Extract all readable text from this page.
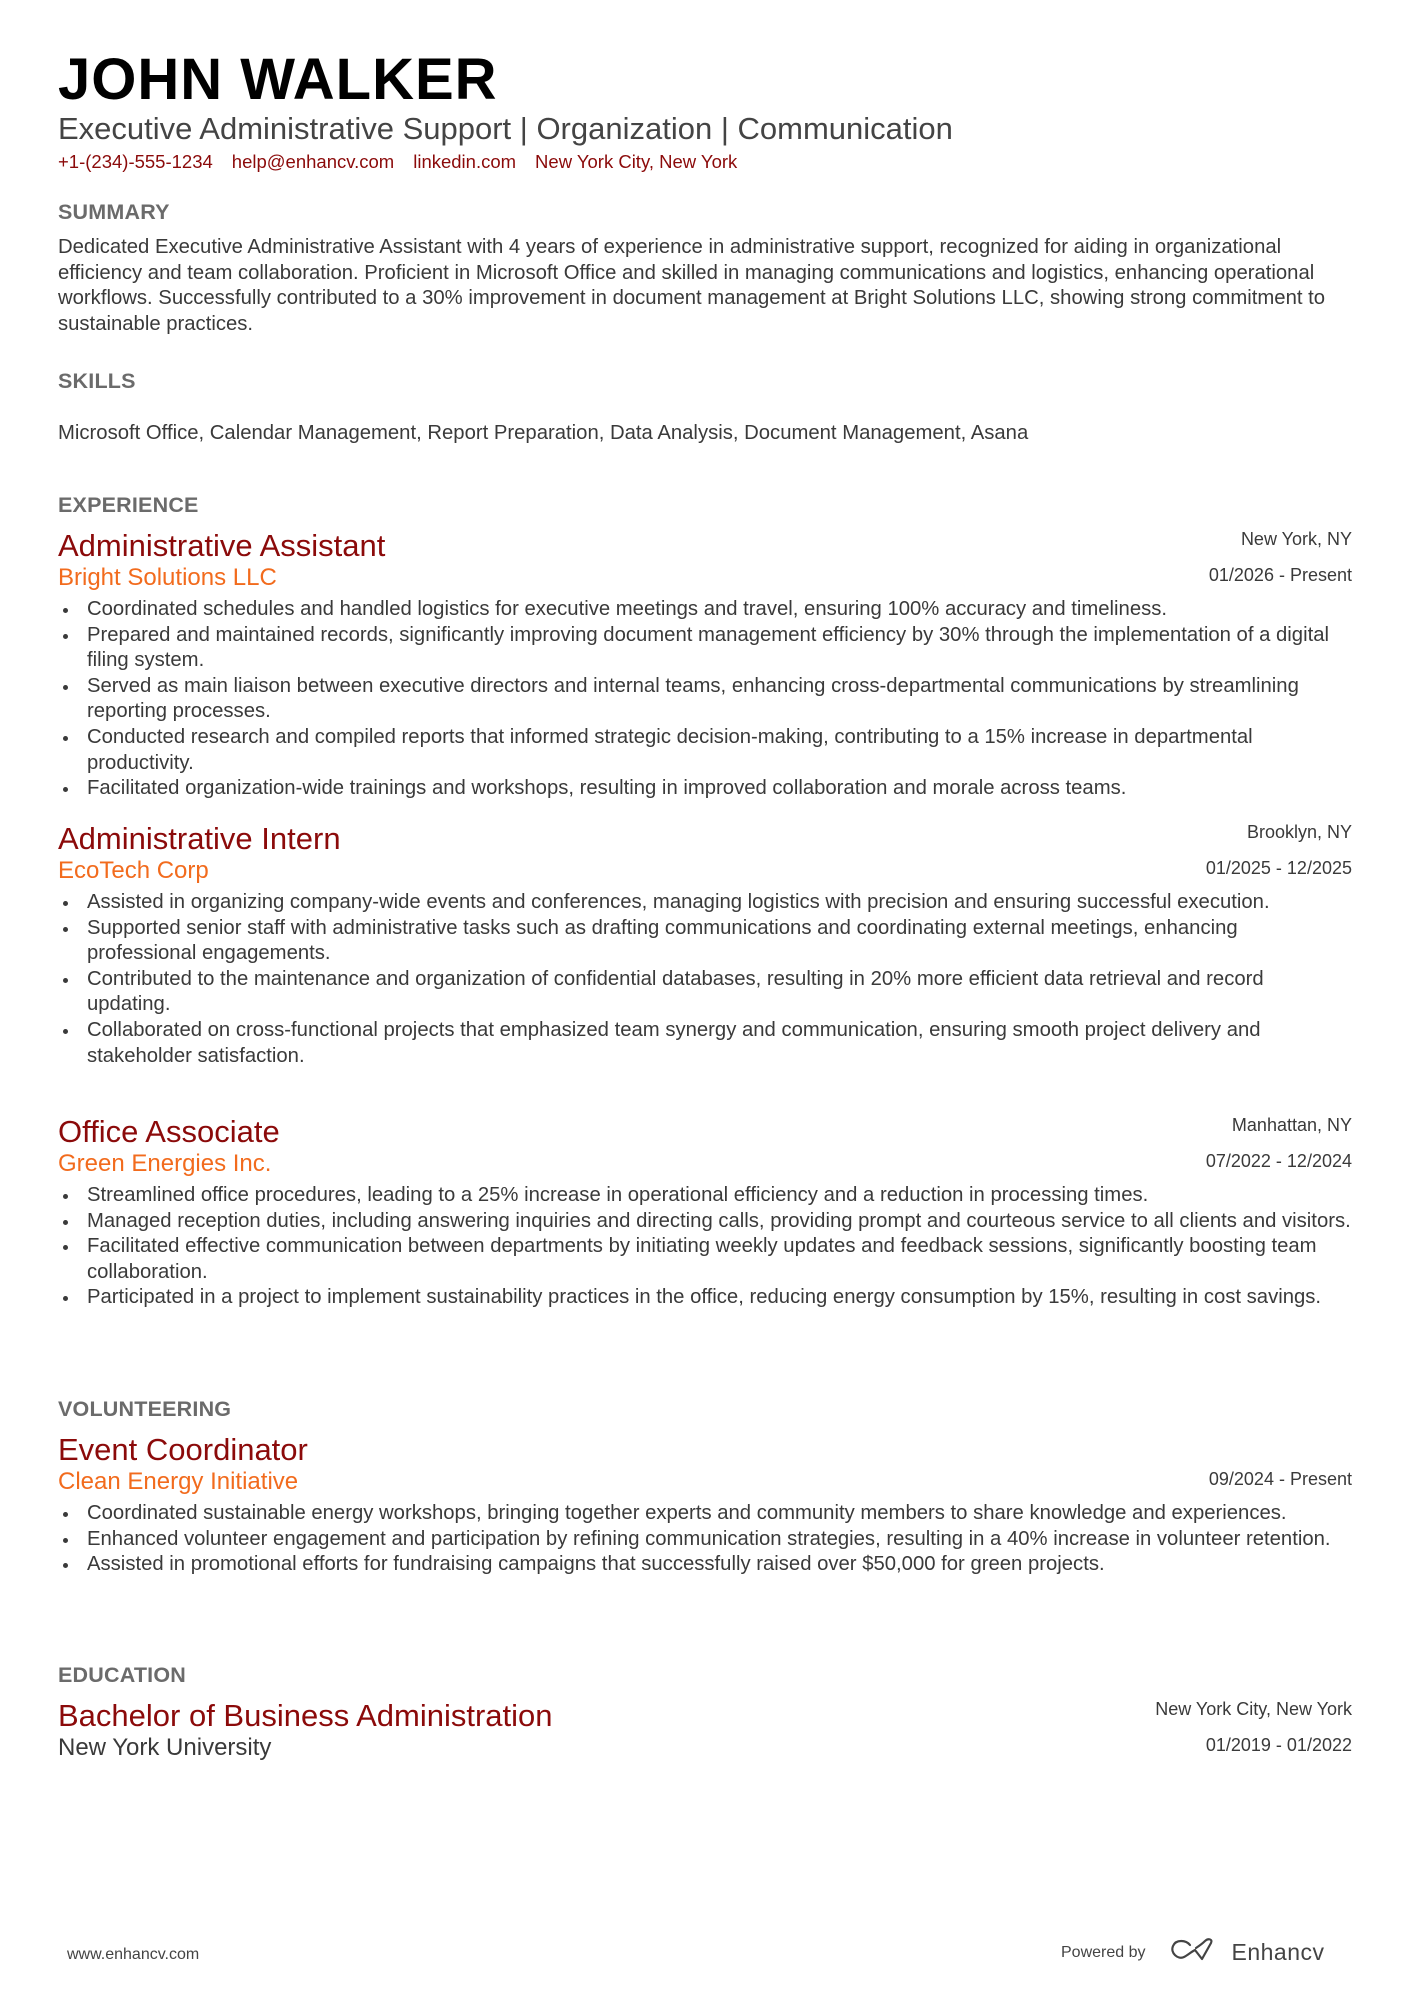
JOHN WALKER
Executive Administrative Support | Organization | Communication
+1-(234)-555-1234 help@enhancv.com linkedin.com New York City, New York
SUMMARY
Dedicated Executive Administrative Assistant with 4 years of experience in administrative support, recognized for aiding in organizational efficiency and team collaboration. Proficient in Microsoft Office and skilled in managing communications and logistics, enhancing operational workflows. Successfully contributed to a 30% improvement in document management at Bright Solutions LLC, showing strong commitment to sustainable practices.
SKILLS
Microsoft Office, Calendar Management, Report Preparation, Data Analysis, Document Management, Asana
EXPERIENCE
New York, NY
01/2026 - Present
Administrative Assistant
Bright Solutions LLC
Coordinated schedules and handled logistics for executive meetings and travel, ensuring 100% accuracy and timeliness.
Prepared and maintained records, significantly improving document management efficiency by 30% through the implementation of a digital filing system.
Served as main liaison between executive directors and internal teams, enhancing cross-departmental communications by streamlining reporting processes.
Conducted research and compiled reports that informed strategic decision-making, contributing to a 15% increase in departmental productivity.
Facilitated organization-wide trainings and workshops, resulting in improved collaboration and morale across teams.
Brooklyn, NY
01/2025 - 12/2025
Administrative Intern
EcoTech Corp
Assisted in organizing company-wide events and conferences, managing logistics with precision and ensuring successful execution.
Supported senior staff with administrative tasks such as drafting communications and coordinating external meetings, enhancing professional engagements.
Contributed to the maintenance and organization of confidential databases, resulting in 20% more efficient data retrieval and record updating.
Collaborated on cross-functional projects that emphasized team synergy and communication, ensuring smooth project delivery and stakeholder satisfaction.
Manhattan, NY
07/2022 - 12/2024
Office Associate
Green Energies Inc.
Streamlined office procedures, leading to a 25% increase in operational efficiency and a reduction in processing times.
Managed reception duties, including answering inquiries and directing calls, providing prompt and courteous service to all clients and visitors.
Facilitated effective communication between departments by initiating weekly updates and feedback sessions, significantly boosting team collaboration.
Participated in a project to implement sustainability practices in the office, reducing energy consumption by 15%, resulting in cost savings.
VOLUNTEERING
09/2024 - Present
Event Coordinator
Clean Energy Initiative
Coordinated sustainable energy workshops, bringing together experts and community members to share knowledge and experiences.
Enhanced volunteer engagement and participation by refining communication strategies, resulting in a 40% increase in volunteer retention.
Assisted in promotional efforts for fundraising campaigns that successfully raised over $50,000 for green projects.
EDUCATION
New York City, New York
01/2019 - 01/2022
Bachelor of Business Administration
New York University
www.enhancv.com	Powered by	Enhancv
